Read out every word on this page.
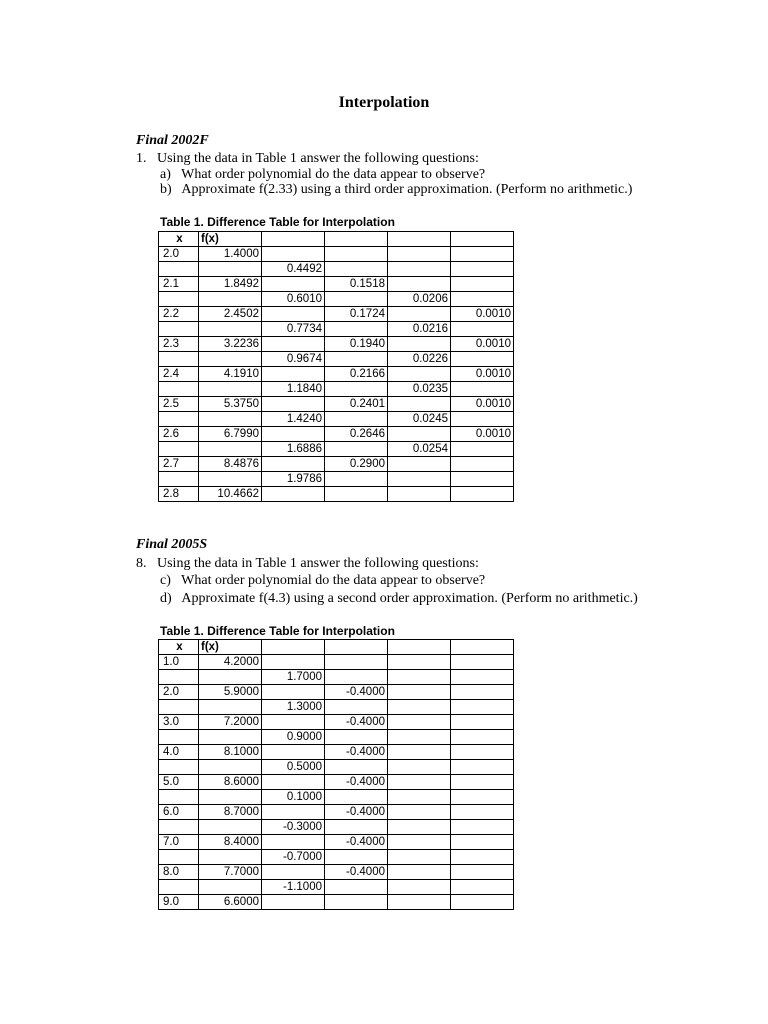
Interpolation
Final 2002F
1. Using the data in Table 1 answer the following questions:
a) What order polynomial do the data appear to observe?
b) Approximate f(2.33) using a third order approximation. (Perform no arithmetic.)
Table 1. Difference Table for Interpolation
x	f(x)				
2.0	1.4000				
		0.4492			
2.1	1.8492		0.1518		
		0.6010		0.0206	
2.2	2.4502		0.1724		0.0010
		0.7734		0.0216	
2.3	3.2236		0.1940		0.0010
		0.9674		0.0226	
2.4	4.1910		0.2166		0.0010
		1.1840		0.0235	
2.5	5.3750		0.2401		0.0010
		1.4240		0.0245	
2.6	6.7990		0.2646		0.0010
		1.6886		0.0254	
2.7	8.4876		0.2900		
		1.9786			
2.8	10.4662				
Final 2005S
8. Using the data in Table 1 answer the following questions:
c) What order polynomial do the data appear to observe?
d) Approximate f(4.3) using a second order approximation. (Perform no arithmetic.)
Table 1. Difference Table for Interpolation
x	f(x)				
1.0	4.2000				
		1.7000			
2.0	5.9000		-0.4000		
		1.3000			
3.0	7.2000		-0.4000		
		0.9000			
4.0	8.1000		-0.4000		
		0.5000			
5.0	8.6000		-0.4000		
		0.1000			
6.0	8.7000		-0.4000		
		-0.3000			
7.0	8.4000		-0.4000		
		-0.7000			
8.0	7.7000		-0.4000		
		-1.1000			
9.0	6.6000				
